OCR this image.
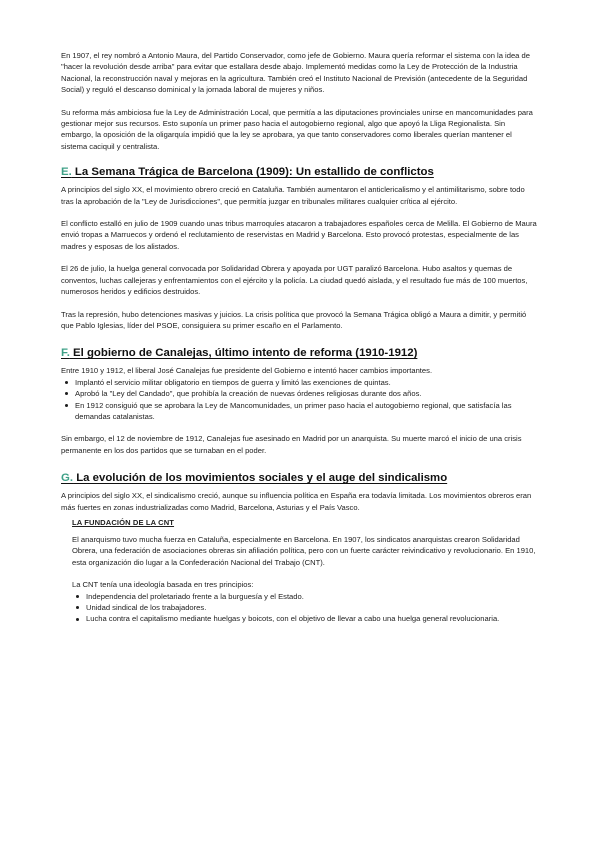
En 1907, el rey nombró a Antonio Maura, del Partido Conservador, como jefe de Gobierno. Maura quería reformar el sistema con la idea de "hacer la revolución desde arriba" para evitar que estallara desde abajo. Implementó medidas como la Ley de Protección de la Industria Nacional, la reconstrucción naval y mejoras en la agricultura. También creó el Instituto Nacional de Previsión (antecedente de la Seguridad Social) y reguló el descanso dominical y la jornada laboral de mujeres y niños.

Su reforma más ambiciosa fue la Ley de Administración Local, que permitía a las diputaciones provinciales unirse en mancomunidades para gestionar mejor sus recursos. Esto suponía un primer paso hacia el autogobierno regional, algo que apoyó la Lliga Regionalista. Sin embargo, la oposición de la oligarquía impidió que la ley se aprobara, ya que tanto conservadores como liberales querían mantener el sistema caciquil y centralista.

E. La Semana Trágica de Barcelona (1909): Un estallido de conflictos

A principios del siglo XX, el movimiento obrero creció en Cataluña. También aumentaron el anticlericalismo y el antimilitarismo, sobre todo tras la aprobación de la "Ley de Jurisdicciones", que permitía juzgar en tribunales militares cualquier crítica al ejército.

El conflicto estalló en julio de 1909 cuando unas tribus marroquíes atacaron a trabajadores españoles cerca de Melilla. El Gobierno de Maura envió tropas a Marruecos y ordenó el reclutamiento de reservistas en Madrid y Barcelona. Esto provocó protestas, especialmente de las madres y esposas de los alistados.

El 26 de julio, la huelga general convocada por Solidaridad Obrera y apoyada por UGT paralizó Barcelona. Hubo asaltos y quemas de conventos, luchas callejeras y enfrentamientos con el ejército y la policía. La ciudad quedó aislada, y el resultado fue más de 100 muertos, numerosos heridos y edificios destruidos.

Tras la represión, hubo detenciones masivas y juicios. La crisis política que provocó la Semana Trágica obligó a Maura a dimitir, y permitió que Pablo Iglesias, líder del PSOE, consiguiera su primer escaño en el Parlamento.

F. El gobierno de Canalejas, último intento de reforma (1910-1912)

Entre 1910 y 1912, el liberal José Canalejas fue presidente del Gobierno e intentó hacer cambios importantes.

Implantó el servicio militar obligatorio en tiempos de guerra y limitó las exenciones de quintas.
Aprobó la "Ley del Candado", que prohibía la creación de nuevas órdenes religiosas durante dos años.
En 1912 consiguió que se aprobara la Ley de Mancomunidades, un primer paso hacia el autogobierno regional, que satisfacía las demandas catalanistas.

Sin embargo, el 12 de noviembre de 1912, Canalejas fue asesinado en Madrid por un anarquista. Su muerte marcó el inicio de una crisis permanente en los dos partidos que se turnaban en el poder.

G. La evolución de los movimientos sociales y el auge del sindicalismo

A principios del siglo XX, el sindicalismo creció, aunque su influencia política en España era todavía limitada. Los movimientos obreros eran más fuertes en zonas industrializadas como Madrid, Barcelona, Asturias y el País Vasco.

LA FUNDACIÓN DE LA CNT

El anarquismo tuvo mucha fuerza en Cataluña, especialmente en Barcelona. En 1907, los sindicatos anarquistas crearon Solidaridad Obrera, una federación de asociaciones obreras sin afiliación política, pero con un fuerte carácter reivindicativo y revolucionario. En 1910, esta organización dio lugar a la Confederación Nacional del Trabajo (CNT).

La CNT tenía una ideología basada en tres principios:

Independencia del proletariado frente a la burguesía y el Estado.
Unidad sindical de los trabajadores.
Lucha contra el capitalismo mediante huelgas y boicots, con el objetivo de llevar a cabo una huelga general revolucionaria.
